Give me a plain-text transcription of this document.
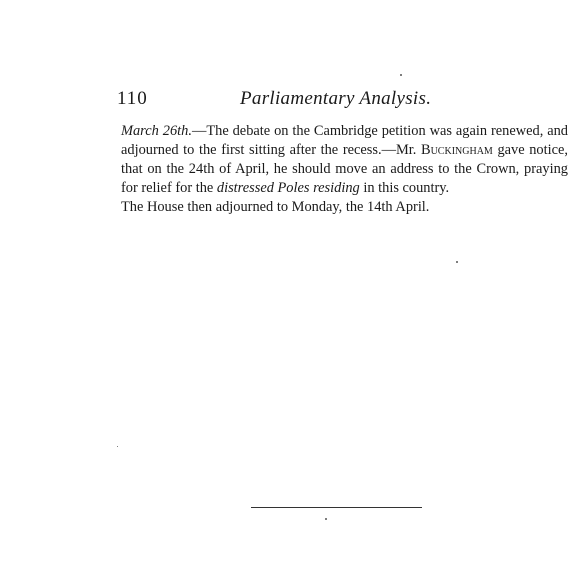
110	Parliamentary Analysis.

March 26th.—The debate on the Cambridge petition was again renewed, and adjourned to the first sitting after the recess.—Mr. Buckingham gave notice, that on the 24th of April, he should move an address to the Crown, praying for relief for the distressed Poles residing in this country.

The House then adjourned to Monday, the 14th April.
